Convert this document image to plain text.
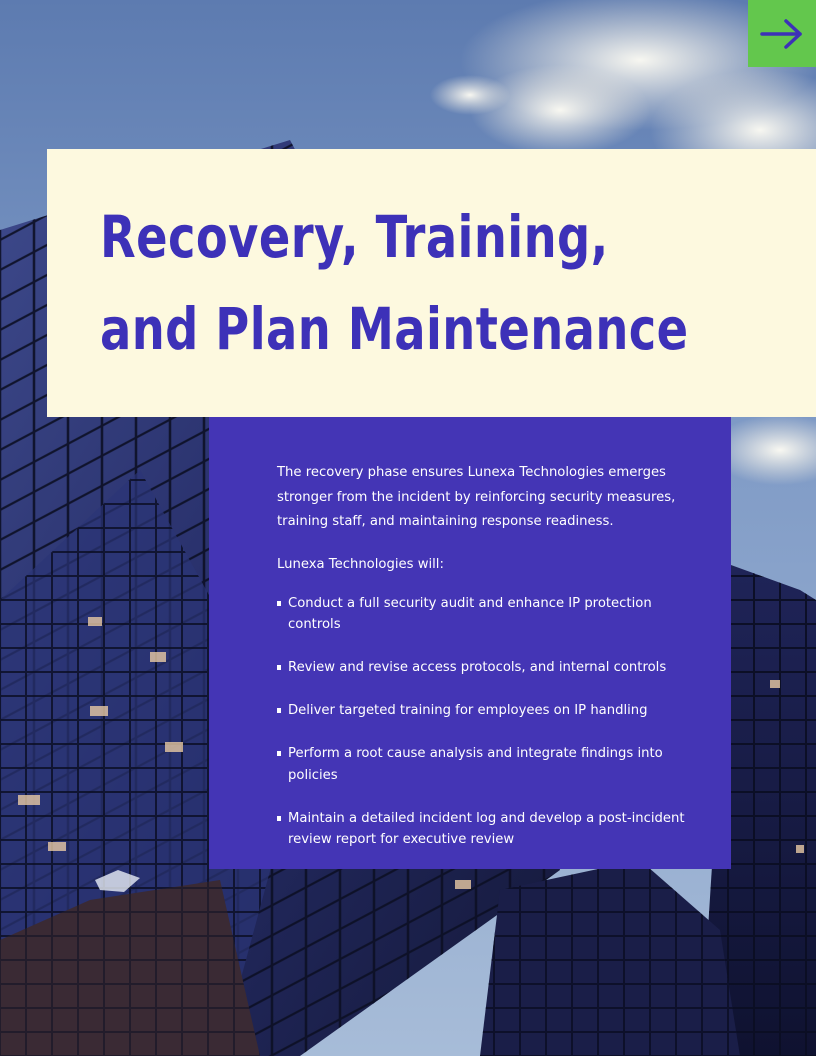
Recovery, Training,
and Plan Maintenance

The recovery phase ensures Lunexa Technologies emerges stronger from the incident by reinforcing security measures, training staff, and maintaining response readiness.

Lunexa Technologies will:

Conduct a full security audit and enhance IP protection controls
Review and revise access protocols, and internal controls
Deliver targeted training for employees on IP handling
Perform a root cause analysis and integrate findings into policies
Maintain a detailed incident log and develop a post-incident review report for executive review
